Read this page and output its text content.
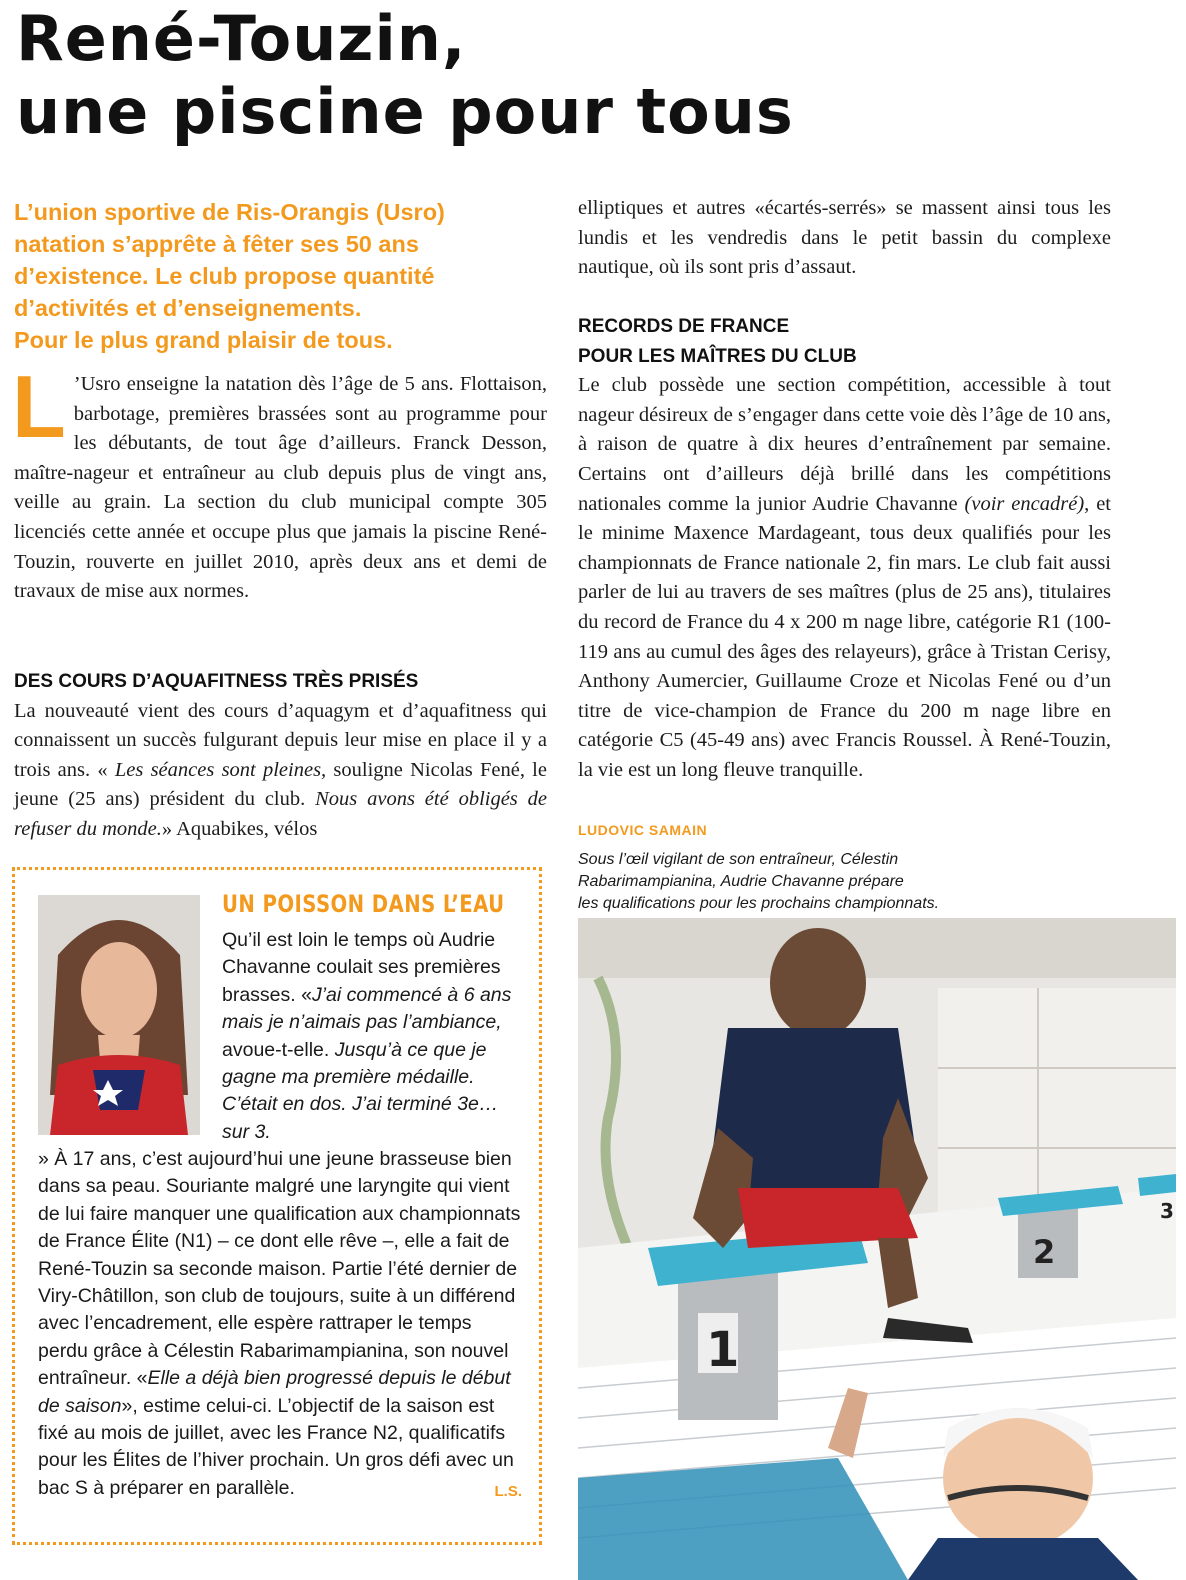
René-Touzin,
une piscine pour tous
L’union sportive de Ris-Orangis (Usro)
natation s’apprête à fêter ses 50 ans
d’existence. Le club propose quantité
d’activités et d’enseignements.
Pour le plus grand plaisir de tous.

L ’Usro enseigne la natation dès l’âge de 5 ans. Flottaison, barbotage, premières brassées sont au programme pour les débutants, de tout âge d’ailleurs. Franck Desson, maître-nageur et entraîneur au club depuis plus de vingt ans, veille au grain. La section du club municipal compte 305 licenciés cette année et occupe plus que jamais la piscine René-Touzin, rouverte en juillet 2010, après deux ans et demi de travaux de mise aux normes.

DES COURS D’AQUAFITNESS TRÈS PRISÉS

La nouveauté vient des cours d’aquagym et d’aquafitness qui connaissent un succès fulgurant depuis leur mise en place il y a trois ans. « Les séances sont pleines, souligne Nicolas Fené, le jeune (25 ans) président du club. Nous avons été obligés de refuser du monde.» Aquabikes, vélos

elliptiques et autres «écartés-serrés» se massent ainsi tous les lundis et les vendredis dans le petit bassin du complexe nautique, où ils sont pris d’assaut.

RECORDS DE FRANCE

POUR LES MAÎTRES DU CLUB

Le club possède une section compétition, accessible à tout nageur désireux de s’engager dans cette voie dès l’âge de 10 ans, à raison de quatre à dix heures d’entraînement par semaine. Certains ont d’ailleurs déjà brillé dans les compétitions nationales comme la junior Audrie Chavanne (voir encadré), et le minime Maxence Mardageant, tous deux qualifiés pour les championnats de France nationale 2, fin mars. Le club fait aussi parler de lui au travers de ses maîtres (plus de 25 ans), titulaires du record de France du 4 x 200 m nage libre, catégorie R1 (100-119 ans au cumul des âges des relayeurs), grâce à Tristan Cerisy, Anthony Aumercier, Guillaume Croze et Nicolas Fené ou d’un titre de vice-champion de France du 200 m nage libre en catégorie C5 (45-49 ans) avec Francis Roussel. À René-Touzin, la vie est un long fleuve tranquille.

LUDOVIC SAMAIN

Sous l’œil vigilant de son entraîneur, Célestin

Rabarimampianina, Audrie Chavanne prépare

les qualifications pour les prochains championnats.

1
2
3

UN POISSON DANS L’EAU

Qu’il est loin le temps où Audrie Chavanne coulait ses premières brasses. «J’ai commencé à 6 ans mais je n’aimais pas l’ambiance, avoue-t-elle. Jusqu’à ce que je gagne ma première médaille. C’était en dos. J’ai terminé 3e… sur 3.

» À 17 ans, c’est aujourd’hui une jeune brasseuse bien dans sa peau. Souriante malgré une laryngite qui vient de lui faire manquer une qualification aux championnats de France Élite (N1) – ce dont elle rêve –, elle a fait de René-Touzin sa seconde maison. Partie l’été dernier de Viry-Châtillon, son club de toujours, suite à un différend avec l’encadrement, elle espère rattraper le temps perdu grâce à Célestin Rabarimampianina, son nouvel entraîneur. «Elle a déjà bien progressé depuis le début de saison», estime celui-ci. L’objectif de la saison est fixé au mois de juillet, avec les France N2, qualificatifs pour les Élites de l’hiver prochain. Un gros défi avec un bac S à préparer en parallèle.	L.S.
